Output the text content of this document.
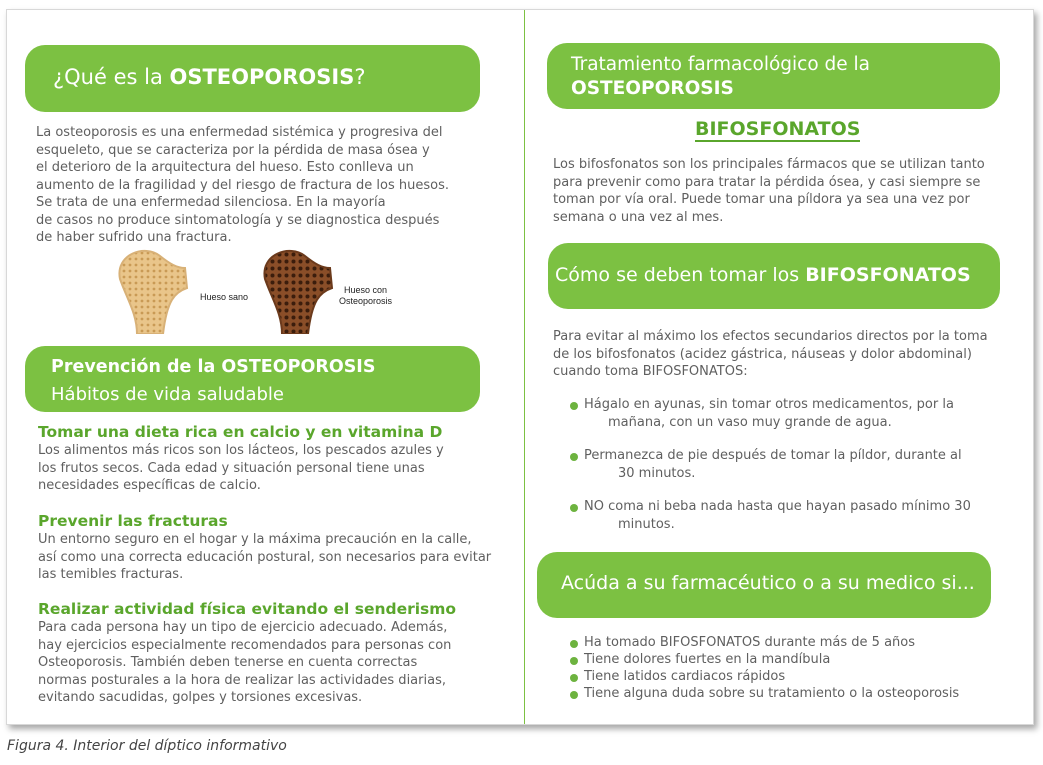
¿Qué es la OSTEOPOROSIS?
La osteoporosis es una enfermedad sistémica y progresiva del
esqueleto, que se caracteriza por la pérdida de masa ósea y
el deterioro de la arquitectura del hueso. Esto conlleva un
aumento de la fragilidad y del riesgo de fractura de los huesos.
Se trata de una enfermedad silenciosa. En la mayoría
de casos no produce sintomatología y se diagnostica después
de haber sufrido una fractura.
Hueso sano
Hueso con
Osteoporosis
Prevención de la OSTEOPOROSIS
Hábitos de vida saludable
Tomar una dieta rica en calcio y en vitamina D
Los alimentos más ricos son los lácteos, los pescados azules y
los frutos secos. Cada edad y situación personal tiene unas
necesidades específicas de calcio.
Prevenir las fracturas
Un entorno seguro en el hogar y la máxima precaución en la calle,
así como una correcta educación postural, son necesarios para evitar
las temibles fracturas.
Realizar actividad física evitando el senderismo
Para cada persona hay un tipo de ejercicio adecuado. Además,
hay ejercicios especialmente recomendados para personas con
Osteoporosis. También deben tenerse en cuenta correctas
normas posturales a la hora de realizar las actividades diarias,
evitando sacudidas, golpes y torsiones excesivas.
Tratamiento farmacológico de la
OSTEOPOROSIS
BIFOSFONATOS
Los bifosfonatos son los principales fármacos que se utilizan tanto
para prevenir como para tratar la pérdida ósea, y casi siempre se
toman por vía oral. Puede tomar una píldora ya sea una vez por
semana o una vez al mes.
Cómo se deben tomar los BIFOSFONATOS
Para evitar al máximo los efectos secundarios directos por la toma
de los bifosfonatos (acidez gástrica, náuseas y dolor abdominal)
cuando toma BIFOSFONATOS:
Hágalo en ayunas, sin tomar otros medicamentos, por la
mañana, con un vaso muy grande de agua.
Permanezca de pie después de tomar la píldor, durante al
30 minutos.
NO coma ni beba nada hasta que hayan pasado mínimo 30
minutos.
Acúda a su farmacéutico o a su medico si...
Ha tomado BIFOSFONATOS durante más de 5 años
Tiene dolores fuertes en la mandíbula
Tiene latidos cardiacos rápidos
Tiene alguna duda sobre su tratamiento o la osteoporosis
Figura 4. Interior del díptico informativo
